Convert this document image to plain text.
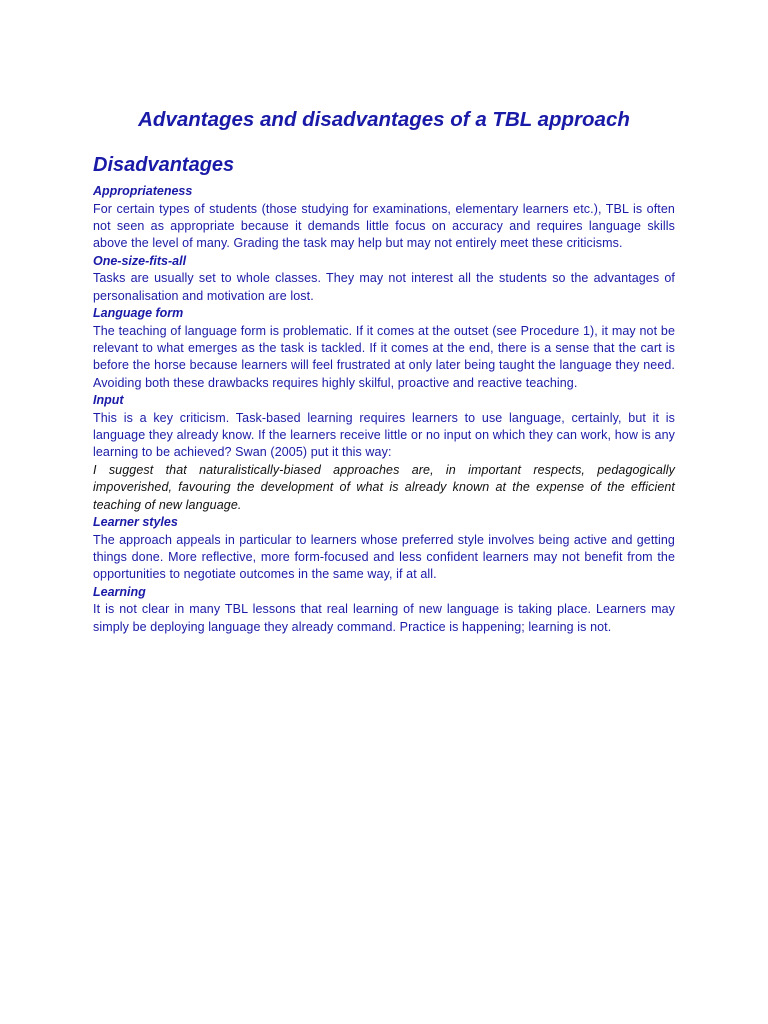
Advantages and disadvantages of a TBL approach
Disadvantages

Appropriateness

For certain types of students (those studying for examinations, elementary learners etc.), TBL is often not seen as appropriate because it demands little focus on accuracy and requires language skills above the level of many. Grading the task may help but may not entirely meet these criticisms.

One-size-fits-all

Tasks are usually set to whole classes. They may not interest all the students so the advantages of personalisation and motivation are lost.

Language form

The teaching of language form is problematic. If it comes at the outset (see Procedure 1), it may not be relevant to what emerges as the task is tackled. If it comes at the end, there is a sense that the cart is before the horse because learners will feel frustrated at only later being taught the language they need. Avoiding both these drawbacks requires highly skilful, proactive and reactive teaching.

Input

This is a key criticism. Task-based learning requires learners to use language, certainly, but it is language they already know. If the learners receive little or no input on which they can work, how is any learning to be achieved? Swan (2005) put it this way:

I suggest that naturalistically-biased approaches are, in important respects, pedagogically impoverished, favouring the development of what is already known at the expense of the efficient teaching of new language.

Learner styles

The approach appeals in particular to learners whose preferred style involves being active and getting things done. More reflective, more form-focused and less confident learners may not benefit from the opportunities to negotiate outcomes in the same way, if at all.

Learning

It is not clear in many TBL lessons that real learning of new language is taking place. Learners may simply be deploying language they already command. Practice is happening; learning is not.
